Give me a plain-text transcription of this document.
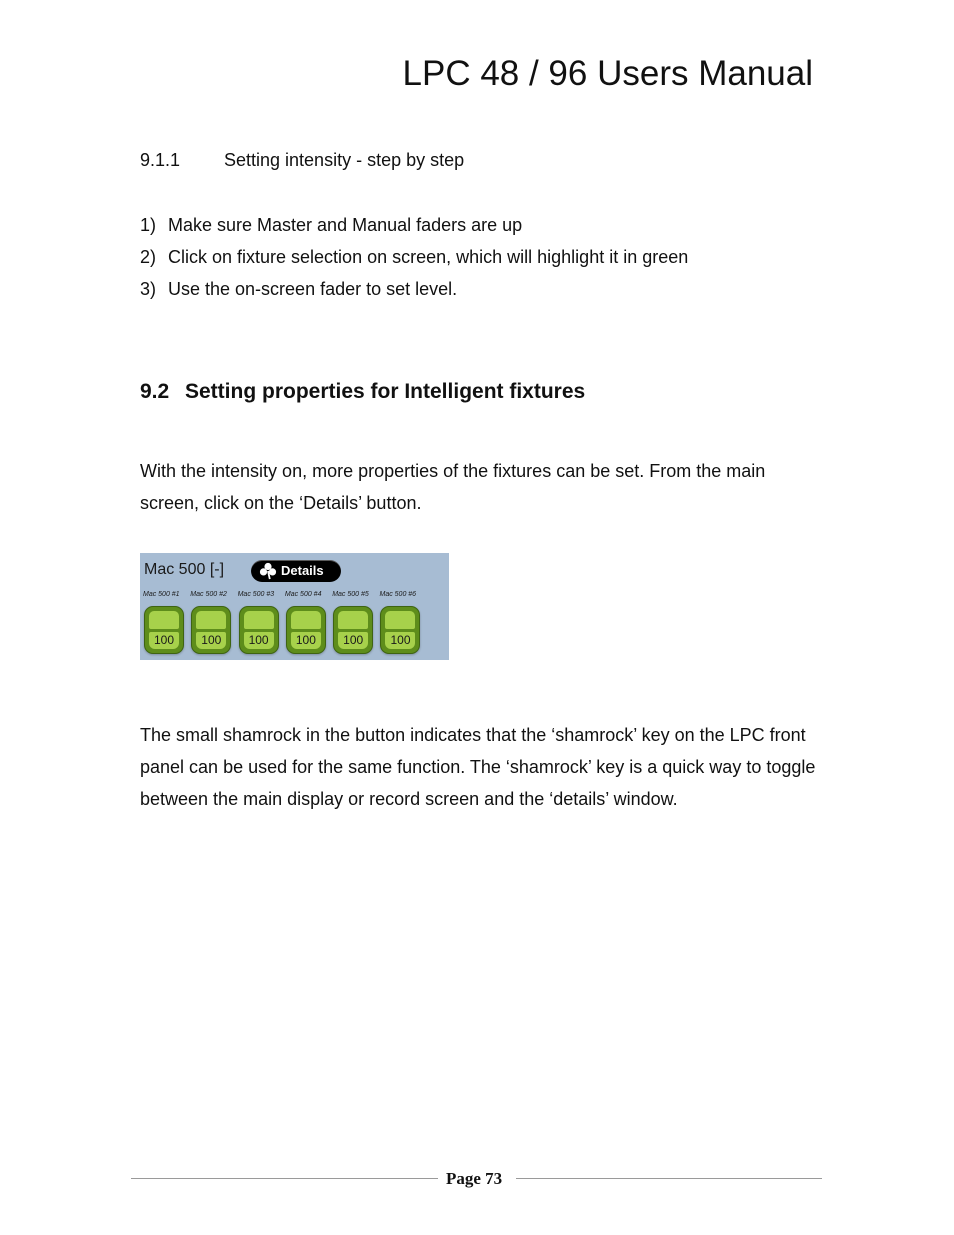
LPC 48 / 96 Users Manual
9.1.1 Setting intensity - step by step
1) Make sure Master and Manual faders are up
2) Click on fixture selection on screen, which will highlight it in green
3) Use the on-screen fader to set level.
9.2 Setting properties for Intelligent fixtures

With the intensity on, more properties of the fixtures can be set. From the main screen, click on the ‘Details’ button.

Mac 500 [-]	Details
Mac 500 #1	Mac 500 #2	Mac 500 #3	Mac 500 #4	Mac 500 #5	Mac 500 #6
100	100	100	100	100	100

The small shamrock in the button indicates that the ‘shamrock’ key on the LPC front panel can be used for the same function. The ‘shamrock’ key is a quick way to toggle between the main display or record screen and the ‘details’ window.

Page 73
